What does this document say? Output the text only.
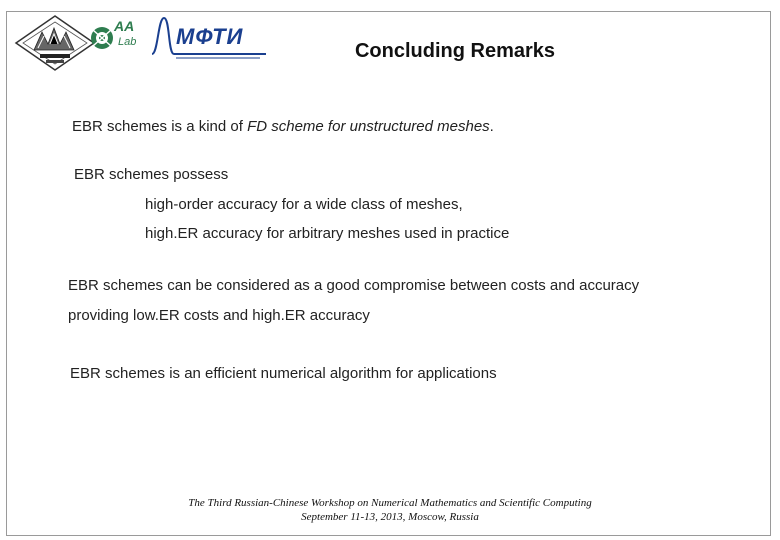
AA
Lab МФТИ
Concluding Remarks
EBR schemes is a kind of FD scheme for unstructured meshes.
EBR schemes possess
high-order accuracy for a wide class of meshes,
high.ER accuracy for arbitrary meshes used in practice
EBR schemes can be considered as a good compromise between costs and accuracy
providing low.ER costs and high.ER accuracy
EBR schemes is an efficient numerical algorithm for applications
The Third Russian-Chinese Workshop on Numerical Mathematics and Scientific Computing
September 11-13, 2013, Moscow, Russia
